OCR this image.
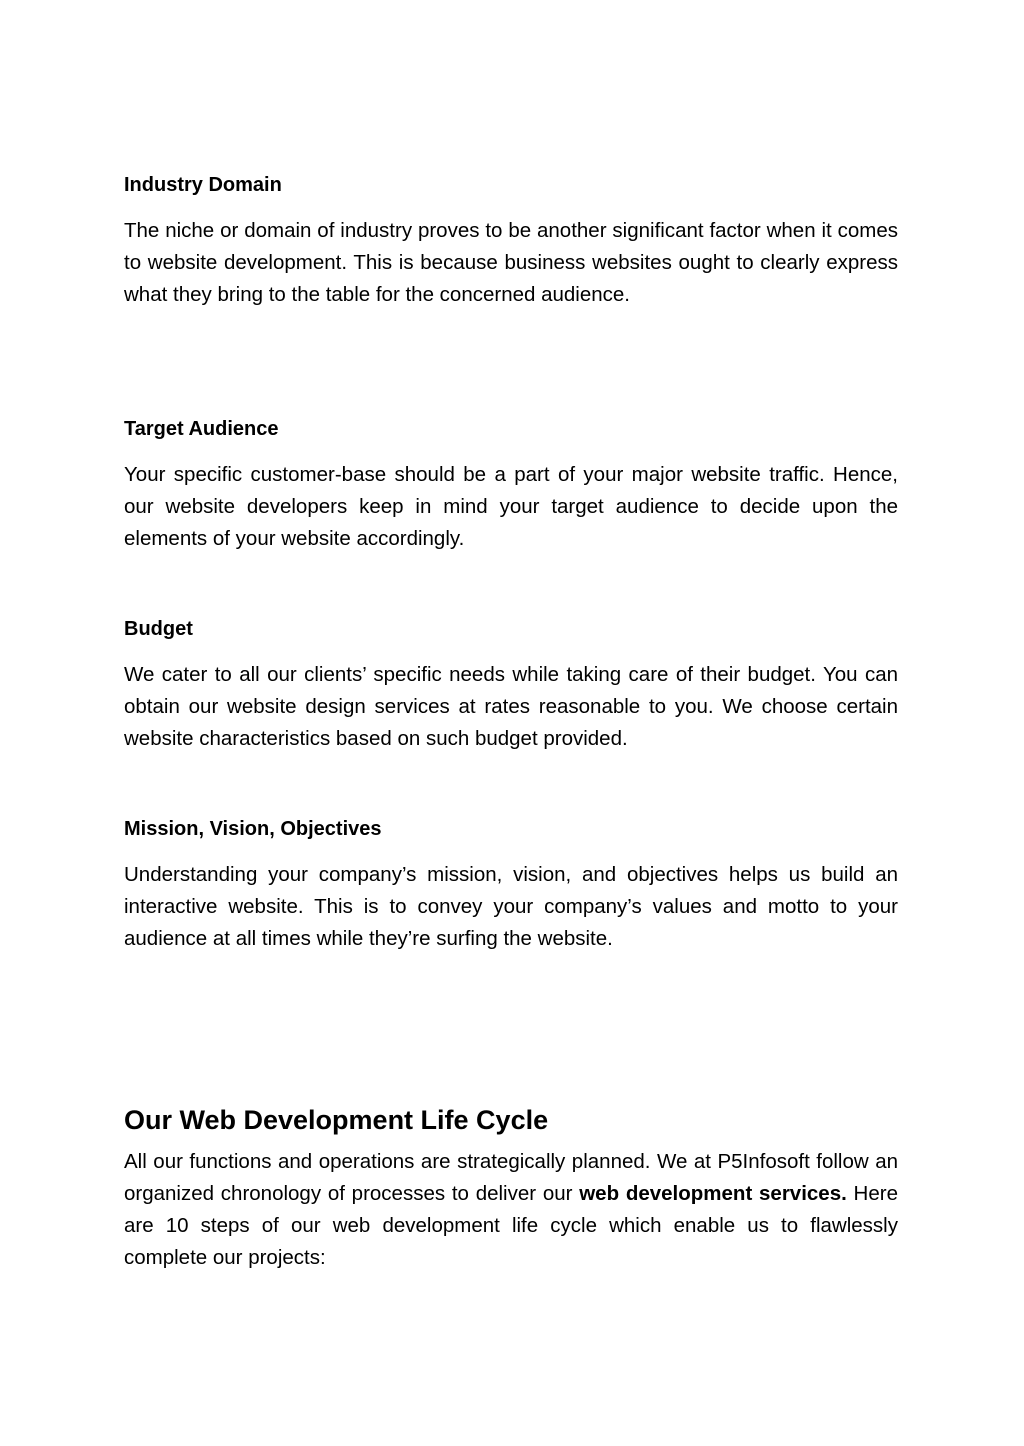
Industry Domain

The niche or domain of industry proves to be another significant factor when it comes to website development. This is because business websites ought to clearly express what they bring to the table for the concerned audience.

Target Audience

Your specific customer-base should be a part of your major website traffic. Hence, our website developers keep in mind your target audience to decide upon the elements of your website accordingly.

Budget

We cater to all our clients’ specific needs while taking care of their budget. You can obtain our website design services at rates reasonable to you. We choose certain website characteristics based on such budget provided.

Mission, Vision, Objectives

Understanding your company’s mission, vision, and objectives helps us build an interactive website. This is to convey your company’s values and motto to your audience at all times while they’re surfing the website.

Our Web Development Life Cycle

All our functions and operations are strategically planned. We at P5Infosoft follow an organized chronology of processes to deliver our web development services. Here are 10 steps of our web development life cycle which enable us to flawlessly complete our projects:
